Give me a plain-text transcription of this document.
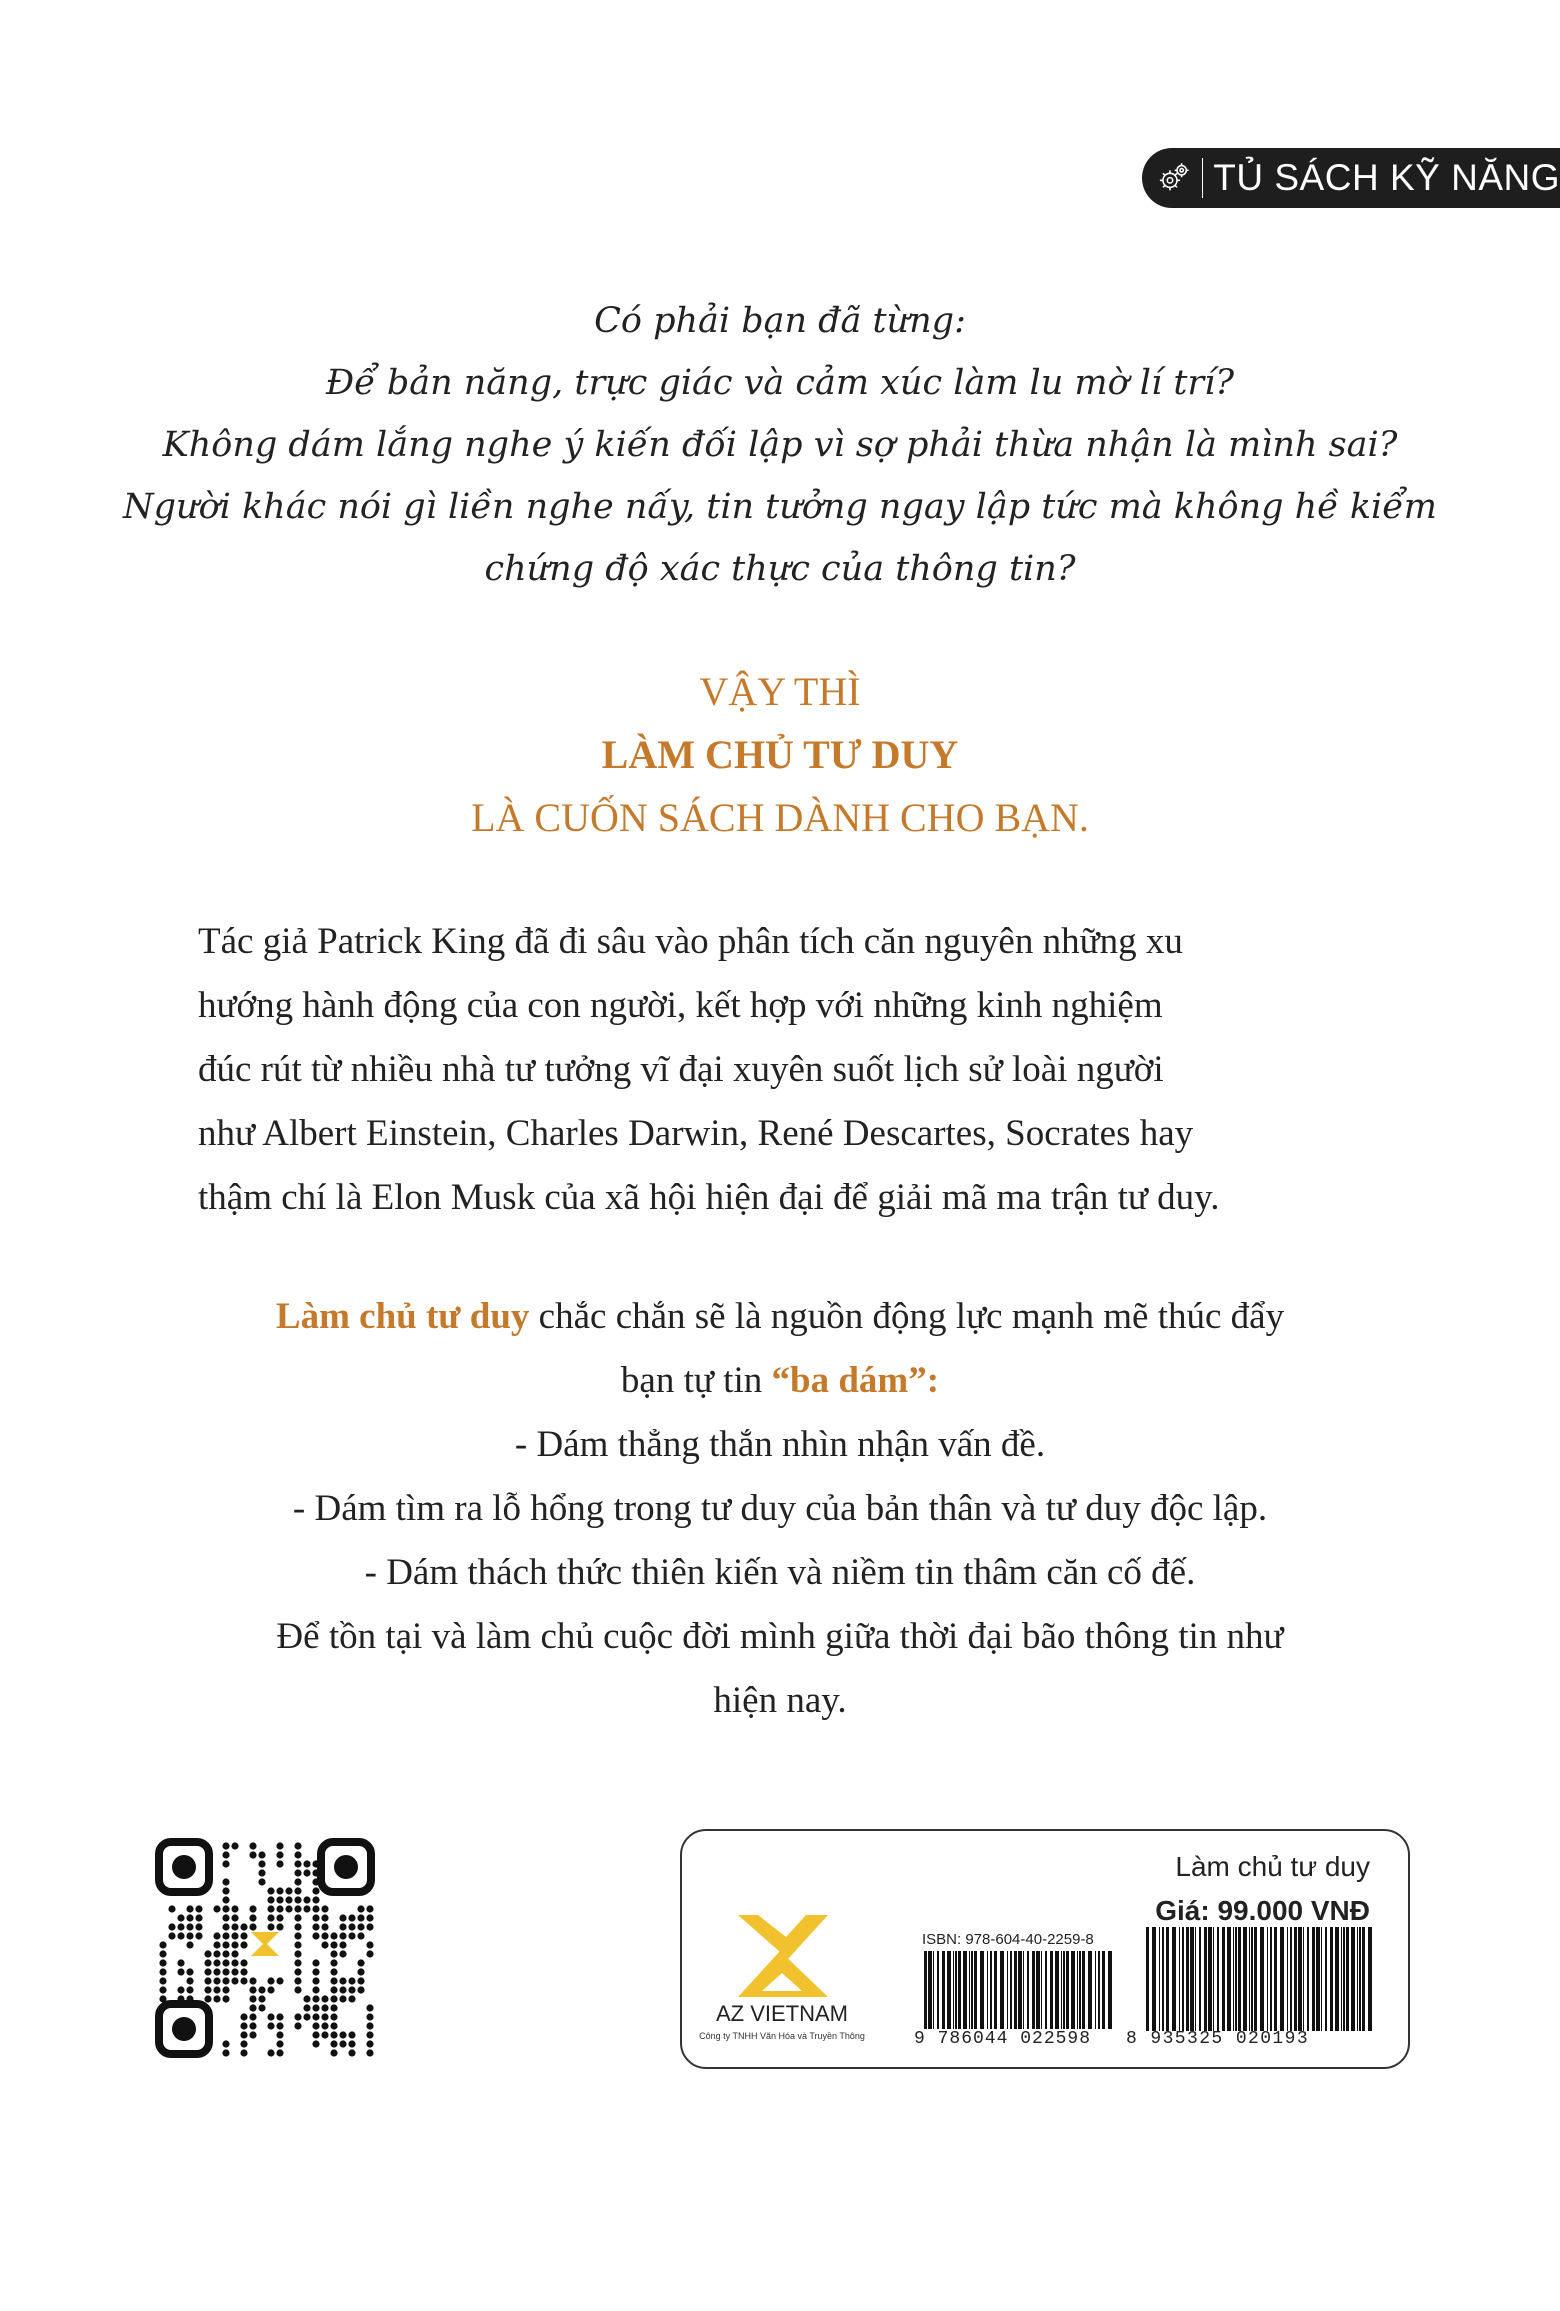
TỦ SÁCH KỸ NĂNG
Có phải bạn đã từng:
Để bản năng, trực giác và cảm xúc làm lu mờ lí trí?
Không dám lắng nghe ý kiến đối lập vì sợ phải thừa nhận là mình sai?
Người khác nói gì liền nghe nấy, tin tưởng ngay lập tức mà không hề kiểm
chứng độ xác thực của thông tin?
VẬY THÌ
LÀM CHỦ TƯ DUY
LÀ CUỐN SÁCH DÀNH CHO BẠN.
Tác giả Patrick King đã đi sâu vào phân tích căn nguyên những xu
hướng hành động của con người, kết hợp với những kinh nghiệm
đúc rút từ nhiều nhà tư tưởng vĩ đại xuyên suốt lịch sử loài người
như Albert Einstein, Charles Darwin, René Descartes, Socrates hay
thậm chí là Elon Musk của xã hội hiện đại để giải mã ma trận tư duy.
Làm chủ tư duy chắc chắn sẽ là nguồn động lực mạnh mẽ thúc đẩy
bạn tự tin “ba dám”:
- Dám thẳng thắn nhìn nhận vấn đề.
- Dám tìm ra lỗ hổng trong tư duy của bản thân và tư duy độc lập.
- Dám thách thức thiên kiến và niềm tin thâm căn cố đế.
Để tồn tại và làm chủ cuộc đời mình giữa thời đại bão thông tin như
hiện nay.
Làm chủ tư duy
Giá: 99.000 VNĐ
AZ VIETNAM
Công ty TNHH Văn Hóa và Truyền Thông
ISBN: 978-604-40-2259-8
9 786044 022598 8 935325 020193
